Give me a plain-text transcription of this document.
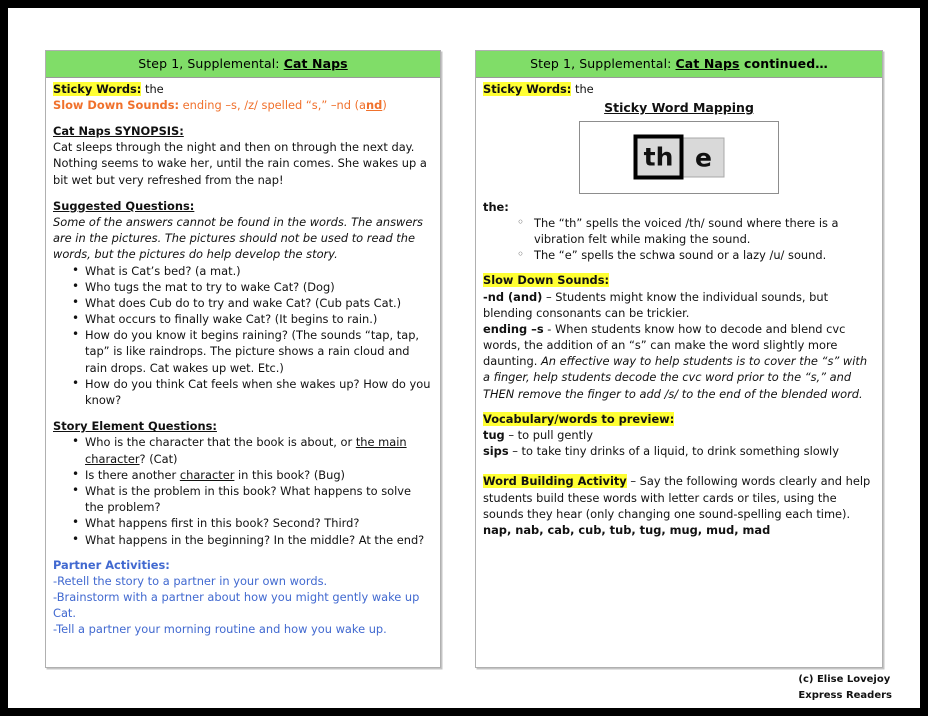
Step 1, Supplemental: Cat Naps

Sticky Words: the

Slow Down Sounds: ending –s, /z/ spelled “s,” –nd (and)

Cat Naps SYNOPSIS:

Cat sleeps through the night and then on through the next day. Nothing seems to wake her, until the rain comes. She wakes up a bit wet but very refreshed from the nap!

Suggested Questions:

Some of the answers cannot be found in the words. The answers are in the pictures. The pictures should not be used to read the words, but the pictures do help develop the story.

• What is Cat’s bed? (a mat.)
• Who tugs the mat to try to wake Cat? (Dog)
• What does Cub do to try and wake Cat? (Cub pats Cat.)
• What occurs to finally wake Cat? (It begins to rain.)
• How do you know it begins raining? (The sounds “tap, tap, tap” is like raindrops. The picture shows a rain cloud and rain drops. Cat wakes up wet. Etc.)
• How do you think Cat feels when she wakes up? How do you know?
Story Element Questions:
• Who is the character that the book is about, or the main character? (Cat)
• Is there another character in this book? (Bug)
• What is the problem in this book? What happens to solve the problem?
• What happens first in this book? Second? Third?
• What happens in the beginning? In the middle? At the end?

Partner Activities:

-Retell the story to a partner in your own words.

-Brainstorm with a partner about how you might gently wake up Cat.

-Tell a partner your morning routine and how you wake up.

Step 1, Supplemental: Cat Naps continued…

Sticky Words: the

Sticky Word Mapping
th e

the:

◦ The “th” spells the voiced /th/ sound where there is a vibration felt while making the sound.
◦ The “e” spells the schwa sound or a lazy /u/ sound.

Slow Down Sounds:

-nd (and) – Students might know the individual sounds, but blending consonants can be trickier.

ending –s - When students know how to decode and blend cvc words, the addition of an “s” can make the word slightly more daunting. An effective way to help students is to cover the “s” with a finger, help students decode the cvc word prior to the “s,” and THEN remove the finger to add /s/ to the end of the blended word.

Vocabulary/words to preview:

tug – to pull gently

sips – to take tiny drinks of a liquid, to drink something slowly

Word Building Activity – Say the following words clearly and help students build these words with letter cards or tiles, using the sounds they hear (only changing one sound-spelling each time).

nap, nab, cab, cub, tub, tug, mug, mud, mad

(c) Elise Lovejoy
Express Readers
